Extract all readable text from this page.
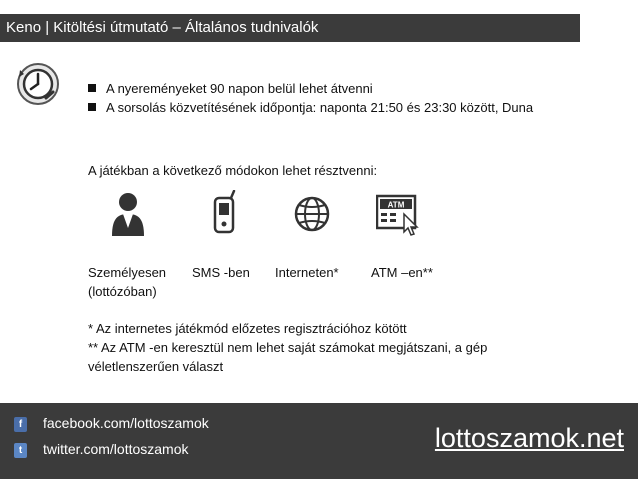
Keno | Kitöltési útmutató – Általános tudnivalók
A nyereményeket 90 napon belül lehet átvenni
A sorsolás közvetítésének időpontja: naponta 21:50 és 23:30 között, Duna
A játékban a következő módokon lehet résztvenni:
ATM
Személyesen
(lottózóban)
SMS -ben Interneten* ATM –en**
* Az internetes játékmód előzetes regisztrációhoz kötött
** Az ATM -en keresztül nem lehet saját számokat megjátszani, a gép véletlenszerűen választ
f	facebook.com/lottoszamok
t	twitter.com/lottoszamok	lottoszamok.net
